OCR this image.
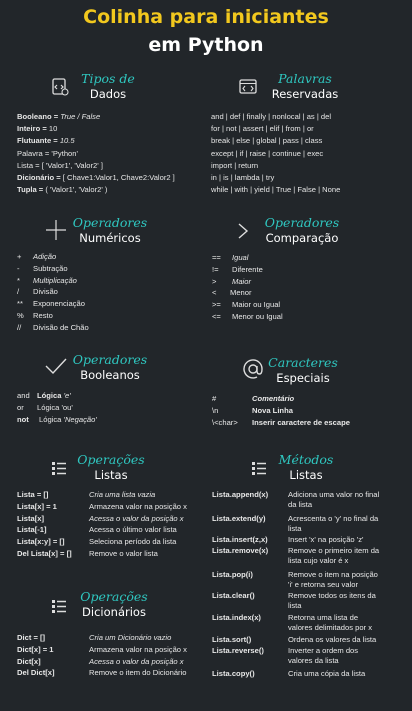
Colinha para iniciantes
em Python
Tipos de
Dados
Booleano = True / False
Inteiro = 10
Flutuante = 10.5
Palavra = 'Python'
Lista = [ 'Valor1', 'Valor2' ]
Dicionário = [ Chave1:Valor1, Chave2:Valor2 ]
Tupla = ( 'Valor1', 'Valor2' )
Palavras
Reservadas
and | def | finally | nonlocal | as | del
for | not | assert | elif | from | or
break | else | global | pass | class
except | if | raise | continue | exec
import | return
in | is | lambda | try
while | with | yield | True | False | None
Operadores
Numéricos
+ Adição
- Subtração
* Multiplicação
/ Divisão
** Exponenciação
% Resto
// Divisão de Chão
Operadores
Comparação
== Igual
!= Diferente
> Maior
< Menor
>= Maior ou Igual
<= Menor ou Igual
Operadores
Booleanos
and Lógica 'e'
or Lógica 'ou'
not Lógica 'Negação'
Caracteres
Especiais
#	Comentário
\n	Nova Linha
\<char> Inserir caractere de escape
Operações
Listas
Lista = []	Cria uma lista vazia
Lista[x] = 1	Armazena valor na posição x
Lista[x]	Acessa o valor da posição x
Lista[-1]	Acessa o último valor lista
Lista[x:y] = []	Seleciona período da lista
Del Lista[x] = [] Remove o valor lista
Operações
Dicionários
Dict = []	Cria um Dicionário vazio
Dict[x] = 1	Armazena valor na posição x
Dict[x]	Acessa o valor da posição x
Del Dict[x]	Remove o item do Dicionário
Métodos
Listas
Lista.append(x)	Adiciona uma valor no final da lista
Lista.extend(y)	Acrescenta o 'y' no final da lista
Lista.insert(z,x)	Insert 'x' na posição 'z'
Lista.remove(x)	Remove o primeiro item da lista cujo valor é x
Lista.pop(i)	Remove o item na posição 'i' e retorna seu valor
Lista.clear()	Remove todos os itens da lista
Lista.index(x)	Retorna uma lista de valores delimitados por x
Lista.sort()	Ordena os valores da lista
Lista.reverse()	Inverter a ordem dos valores da lista
Lista.copy()	Cria uma cópia da lista
